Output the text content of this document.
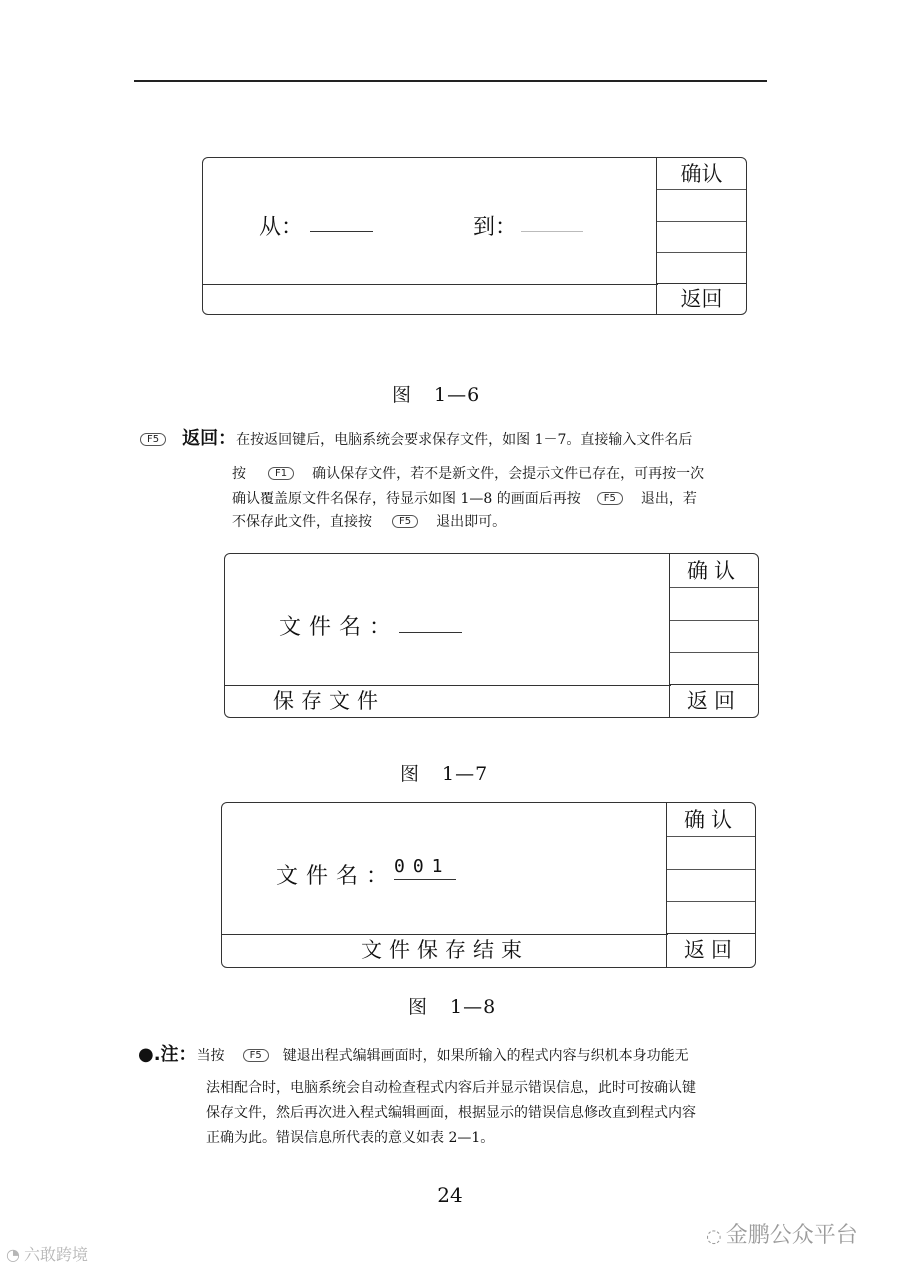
从：	到：
确认
返回
图 1—6
F5 返回：在按返回键后，电脑系统会要求保存文件，如图 1－7。直接输入文件名后
按	F1 确认保存文件，若不是新文件，会提示文件已存在，可再按一次
确认覆盖原文件名保存，待显示如图 1—8 的画面后再按 F5 退出，若
不保存此文件，直接按	F5 退出即可。
文件名：
保存文件
确认
返回
图 1—7
文件名：
001
文件保存结束
确认
返回
图 1—8
●.注：当按	F5 键退出程式编辑画面时，如果所输入的程式内容与织机本身功能无
法相配合时，电脑系统会自动检查程式内容后并显示错误信息，此时可按确认键
保存文件，然后再次进入程式编辑画面，根据显示的错误信息修改直到程式内容
正确为此。错误信息所代表的意义如表 2—1。
24
◌ 金鹏公众平台
◔ 六敢跨境
